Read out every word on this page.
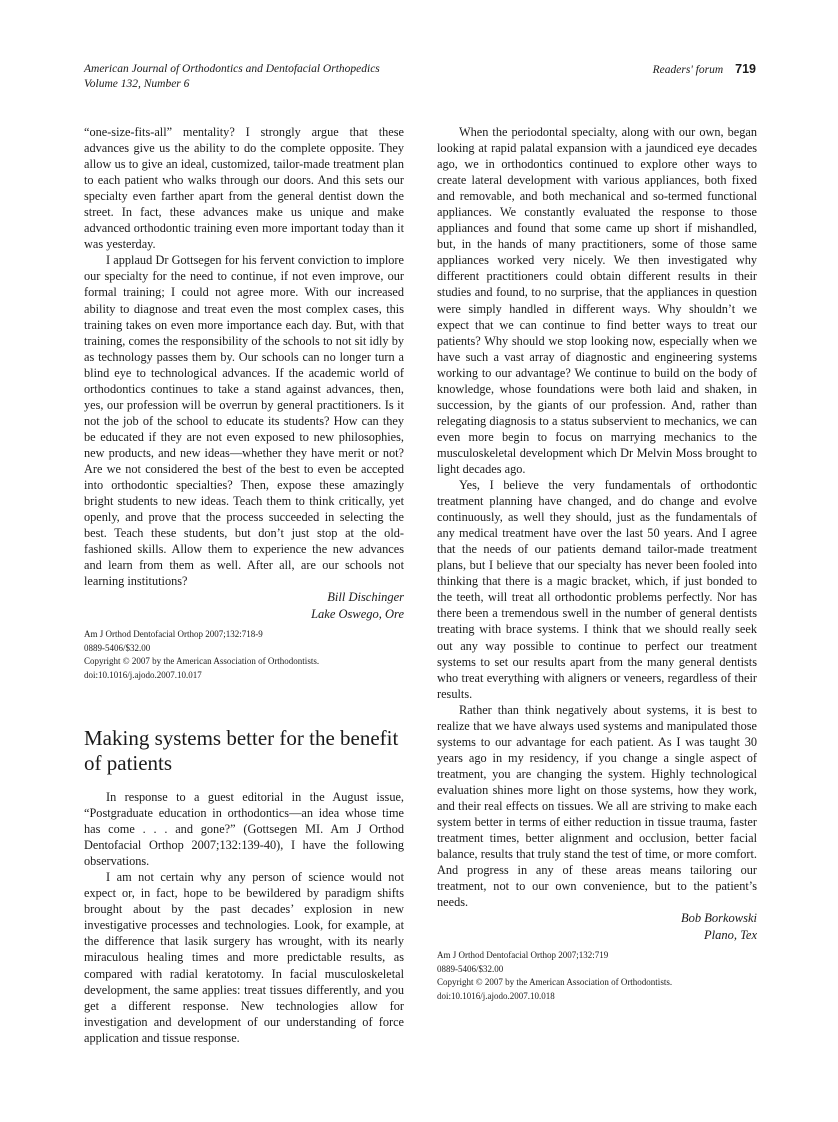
American Journal of Orthodontics and Dentofacial Orthopedics
Volume 132, Number 6
Readers' forum 719

“one-size-fits-all” mentality? I strongly argue that these advances give us the ability to do the complete opposite. They allow us to give an ideal, customized, tailor-made treatment plan to each patient who walks through our doors. And this sets our specialty even farther apart from the general dentist down the street. In fact, these advances make us unique and make advanced orthodontic training even more important today than it was yesterday.

I applaud Dr Gottsegen for his fervent conviction to implore our specialty for the need to continue, if not even improve, our formal training; I could not agree more. With our increased ability to diagnose and treat even the most complex cases, this training takes on even more importance each day. But, with that training, comes the responsibility of the schools to not sit idly by as technology passes them by. Our schools can no longer turn a blind eye to technological advances. If the academic world of orthodontics continues to take a stand against advances, then, yes, our profession will be overrun by general practitioners. Is it not the job of the school to educate its students? How can they be educated if they are not even exposed to new philosophies, new products, and new ideas—whether they have merit or not? Are we not considered the best of the best to even be accepted into orthodontic specialties? Then, expose these amazingly bright students to new ideas. Teach them to think critically, yet openly, and prove that the process succeeded in selecting the best. Teach these students, but don’t just stop at the old-fashioned skills. Allow them to experience the new advances and learn from them as well. After all, are our schools not learning institutions?

Bill Dischinger
Lake Oswego, Ore
Am J Orthod Dentofacial Orthop 2007;132:718-9
0889-5406/$32.00
Copyright © 2007 by the American Association of Orthodontists.
doi:10.1016/j.ajodo.2007.10.017
Making systems better for the benefit of patients

In response to a guest editorial in the August issue, “Postgraduate education in orthodontics—an idea whose time has come . . . and gone?” (Gottsegen MI. Am J Orthod Dentofacial Orthop 2007;132:139-40), I have the following observations.

I am not certain why any person of science would not expect or, in fact, hope to be bewildered by paradigm shifts brought about by the past decades’ explosion in new investigative processes and technologies. Look, for example, at the difference that lasik surgery has wrought, with its nearly miraculous healing times and more predictable results, as compared with radial keratotomy. In facial musculoskeletal development, the same applies: treat tissues differently, and you get a different response. New technologies allow for investigation and development of our understanding of force application and tissue response.

When the periodontal specialty, along with our own, began looking at rapid palatal expansion with a jaundiced eye decades ago, we in orthodontics continued to explore other ways to create lateral development with various appliances, both fixed and removable, and both mechanical and so-termed functional appliances. We constantly evaluated the response to those appliances and found that some came up short if mishandled, but, in the hands of many practitioners, some of those same appliances worked very nicely. We then investigated why different practitioners could obtain different results in their studies and found, to no surprise, that the appliances in question were simply handled in different ways. Why shouldn’t we expect that we can continue to find better ways to treat our patients? Why should we stop looking now, especially when we have such a vast array of diagnostic and engineering systems working to our advantage? We continue to build on the body of knowledge, whose foundations were both laid and shaken, in succession, by the giants of our profession. And, rather than relegating diagnosis to a status subservient to mechanics, we can even more begin to focus on marrying mechanics to the musculoskeletal development which Dr Melvin Moss brought to light decades ago.

Yes, I believe the very fundamentals of orthodontic treatment planning have changed, and do change and evolve continuously, as well they should, just as the fundamentals of any medical treatment have over the last 50 years. And I agree that the needs of our patients demand tailor-made treatment plans, but I believe that our specialty has never been fooled into thinking that there is a magic bracket, which, if just bonded to the teeth, will treat all orthodontic problems perfectly. Nor has there been a tremendous swell in the number of general dentists treating with brace systems. I think that we should really seek out any way possible to continue to perfect our treatment systems to set our results apart from the many general dentists who treat everything with aligners or veneers, regardless of their results.

Rather than think negatively about systems, it is best to realize that we have always used systems and manipulated those systems to our advantage for each patient. As I was taught 30 years ago in my residency, if you change a single aspect of treatment, you are changing the system. Highly technological evaluation shines more light on those systems, how they work, and their real effects on tissues. We all are striving to make each system better in terms of either reduction in tissue trauma, faster treatment times, better alignment and occlusion, better facial balance, results that truly stand the test of time, or more comfort. And progress in any of these areas means tailoring our treatment, not to our own convenience, but to the patient’s needs.

Bob Borkowski
Plano, Tex
Am J Orthod Dentofacial Orthop 2007;132:719
0889-5406/$32.00
Copyright © 2007 by the American Association of Orthodontists.
doi:10.1016/j.ajodo.2007.10.018
